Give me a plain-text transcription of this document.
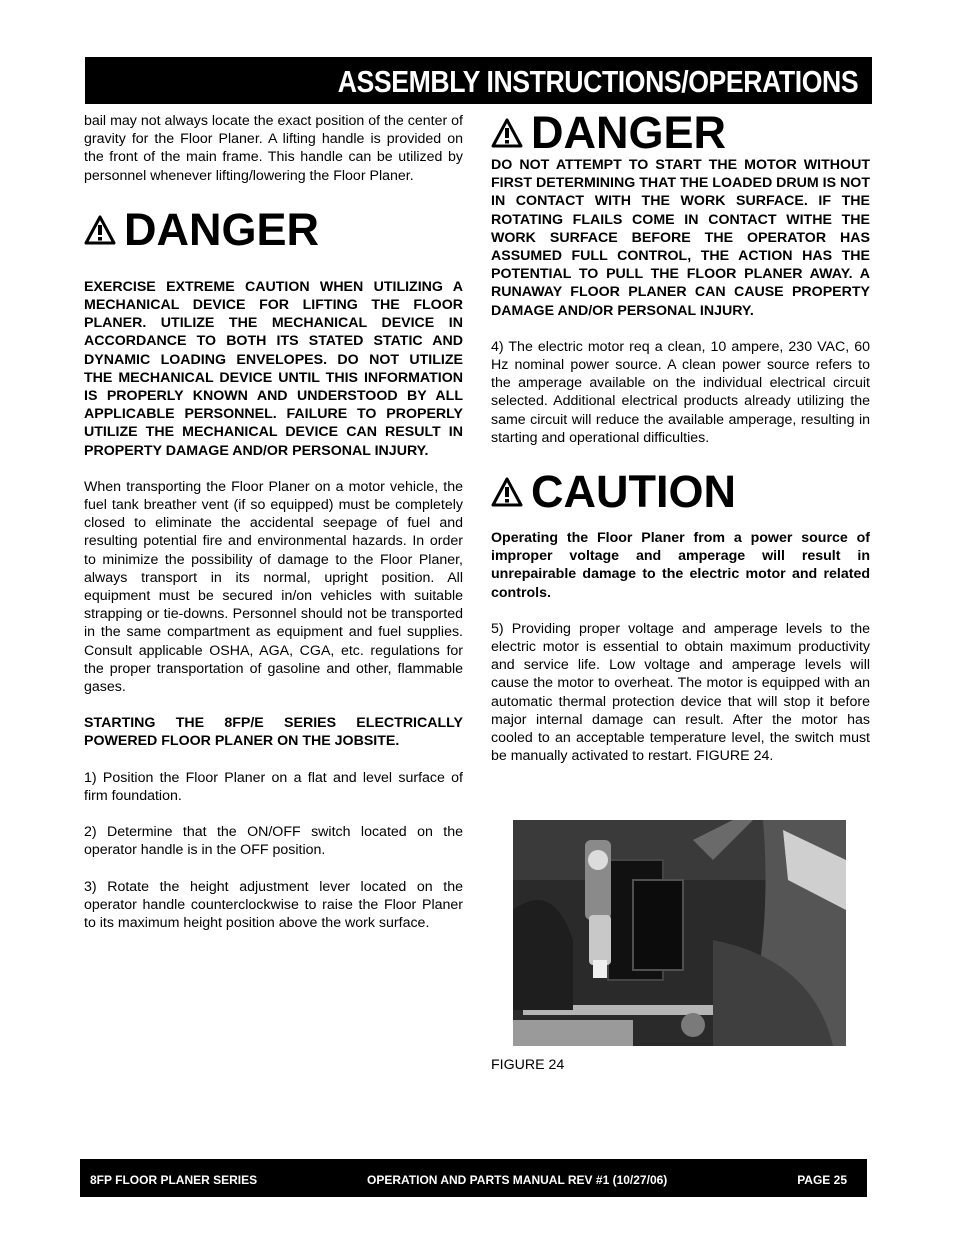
ASSEMBLY INSTRUCTIONS/OPERATIONS

bail may not always locate the exact position of the center of gravity for the Floor Planer. A lifting handle is provided on the front of the main frame. This handle can be utilized by personnel whenever lifting/lowering the Floor Planer.

DANGER

EXERCISE EXTREME CAUTION WHEN UTILIZING A MECHANICAL DEVICE FOR LIFTING THE FLOOR PLANER. UTILIZE THE MECHANICAL DEVICE IN ACCORDANCE TO BOTH ITS STATED STATIC AND DYNAMIC LOADING ENVELOPES. DO NOT UTILIZE THE MECHANICAL DEVICE UNTIL THIS INFORMATION IS PROPERLY KNOWN AND UNDERSTOOD BY ALL APPLICABLE PERSONNEL. FAILURE TO PROPERLY UTILIZE THE MECHANICAL DEVICE CAN RESULT IN PROPERTY DAMAGE AND/OR PERSONAL INJURY.

When transporting the Floor Planer on a motor vehicle, the fuel tank breather vent (if so equipped) must be completely closed to eliminate the accidental seepage of fuel and resulting potential fire and environmental hazards. In order to minimize the possibility of damage to the Floor Planer, always transport in its normal, upright position. All equipment must be secured in/on vehicles with suitable strapping or tie-downs. Personnel should not be transported in the same compartment as equipment and fuel supplies. Consult applicable OSHA, AGA, CGA, etc. regulations for the proper transportation of gasoline and other, flammable gases.

STARTING THE 8FP/E SERIES ELECTRICALLY POWERED FLOOR PLANER ON THE JOBSITE.

1) Position the Floor Planer on a flat and level surface of firm foundation.

2) Determine that the ON/OFF switch located on the operator handle is in the OFF position.

3) Rotate the height adjustment lever located on the operator handle counterclockwise to raise the Floor Planer to its maximum height position above the work surface.

DANGER

DO NOT ATTEMPT TO START THE MOTOR WITHOUT FIRST DETERMINING THAT THE LOADED DRUM IS NOT IN CONTACT WITH THE WORK SURFACE. IF THE ROTATING FLAILS COME IN CONTACT WITHE THE WORK SURFACE BEFORE THE OPERATOR HAS ASSUMED FULL CONTROL, THE ACTION HAS THE POTENTIAL TO PULL THE FLOOR PLANER AWAY. A RUNAWAY FLOOR PLANER CAN CAUSE PROPERTY DAMAGE AND/OR PERSONAL INJURY.

4) The electric motor req a clean, 10 ampere, 230 VAC, 60 Hz nominal power source. A clean power source refers to the amperage available on the individual electrical circuit selected. Additional electrical products already utilizing the same circuit will reduce the available amperage, resulting in starting and operational difficulties.

CAUTION

Operating the Floor Planer from a power source of improper voltage and amperage will result in unrepairable damage to the electric motor and related controls.

5) Providing proper voltage and amperage levels to the electric motor is essential to obtain maximum productivity and service life. Low voltage and amperage levels will cause the motor to overheat. The motor is equipped with an automatic thermal protection device that will stop it before major internal damage can result. After the motor has cooled to an acceptable temperature level, the switch must be manually activated to restart. FIGURE 24.

FIGURE 24
8FP FLOOR PLANER SERIES	OPERATION AND PARTS MANUAL REV #1 (10/27/06)	PAGE 25
